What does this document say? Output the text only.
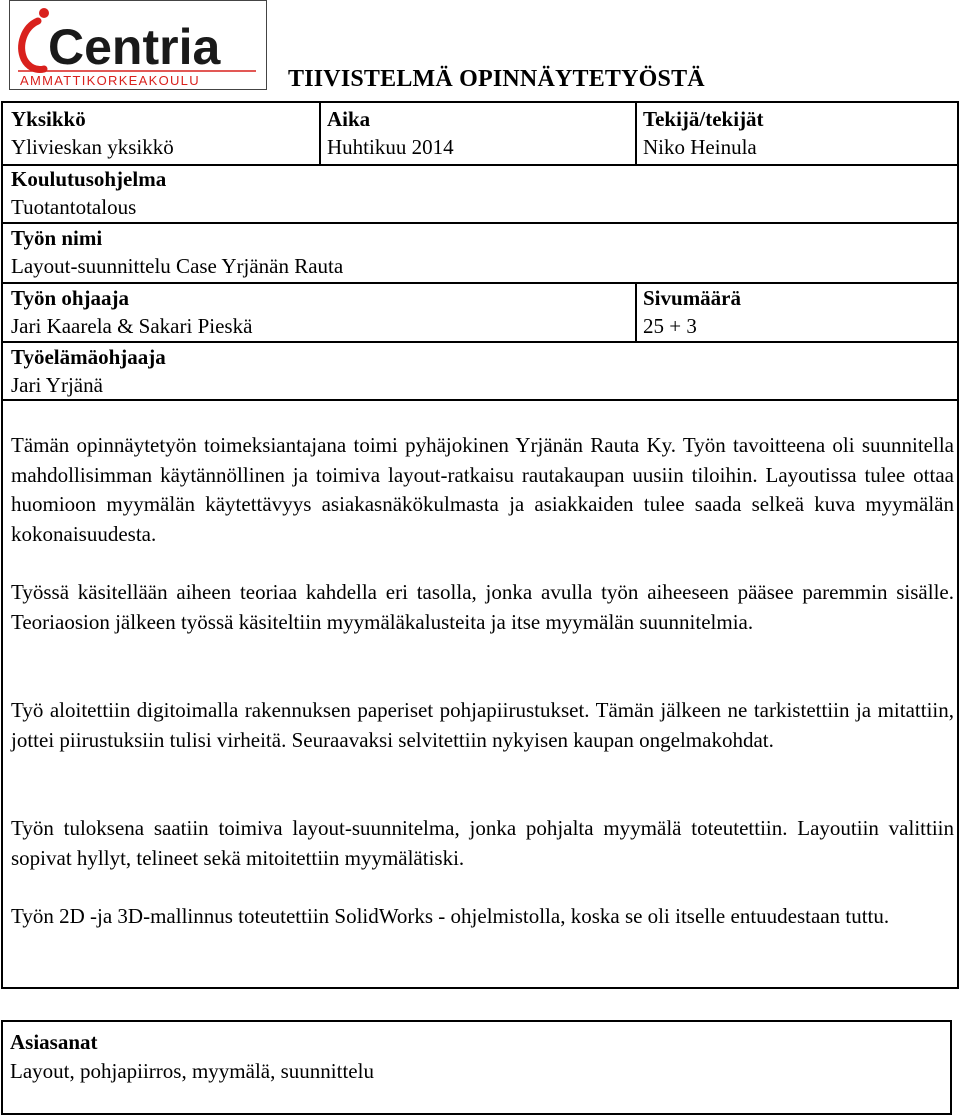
Centria
AMMATTIKORKEAKOULU	TIIVISTELMÄ OPINNÄYTETYÖSTÄ
Yksikkö
Ylivieskan yksikkö
Aika
Huhtikuu 2014
Tekijä/tekijät
Niko Heinula
Koulutusohjelma
Tuotantotalous
Työn nimi
Layout-suunnittelu Case Yrjänän Rauta
Työn ohjaaja
Jari Kaarela & Sakari Pieskä
Sivumäärä
25 + 3
Työelämäohjaaja
Jari Yrjänä

Tämän opinnäytetyön toimeksiantajana toimi pyhäjokinen Yrjänän Rauta Ky. Työn tavoitteena oli suunnitella mahdollisimman käytännöllinen ja toimiva layout-ratkaisu rautakaupan uusiin tiloihin. Layoutissa tulee ottaa huomioon myymälän käytettävyys asiakasnäkökulmasta ja asiakkaiden tulee saada selkeä kuva myymälän kokonaisuudesta.

Työssä käsitellään aiheen teoriaa kahdella eri tasolla, jonka avulla työn aiheeseen pääsee paremmin sisälle. Teoriaosion jälkeen työssä käsiteltiin myymäläkalusteita ja itse myymälän suunnitelmia.

Työ aloitettiin digitoimalla rakennuksen paperiset pohjapiirustukset. Tämän jälkeen ne tarkistettiin ja mitattiin, jottei piirustuksiin tulisi virheitä. Seuraavaksi selvitettiin nykyisen kaupan ongelmakohdat.

Työn tuloksena saatiin toimiva layout-suunnitelma, jonka pohjalta myymälä toteutettiin. Layoutiin valittiin sopivat hyllyt, telineet sekä mitoitettiin myymälätiski.

Työn 2D -ja 3D-mallinnus toteutettiin SolidWorks - ohjelmistolla, koska se oli itselle entuudestaan tuttu.

Asiasanat
Layout, pohjapiirros, myymälä, suunnittelu
